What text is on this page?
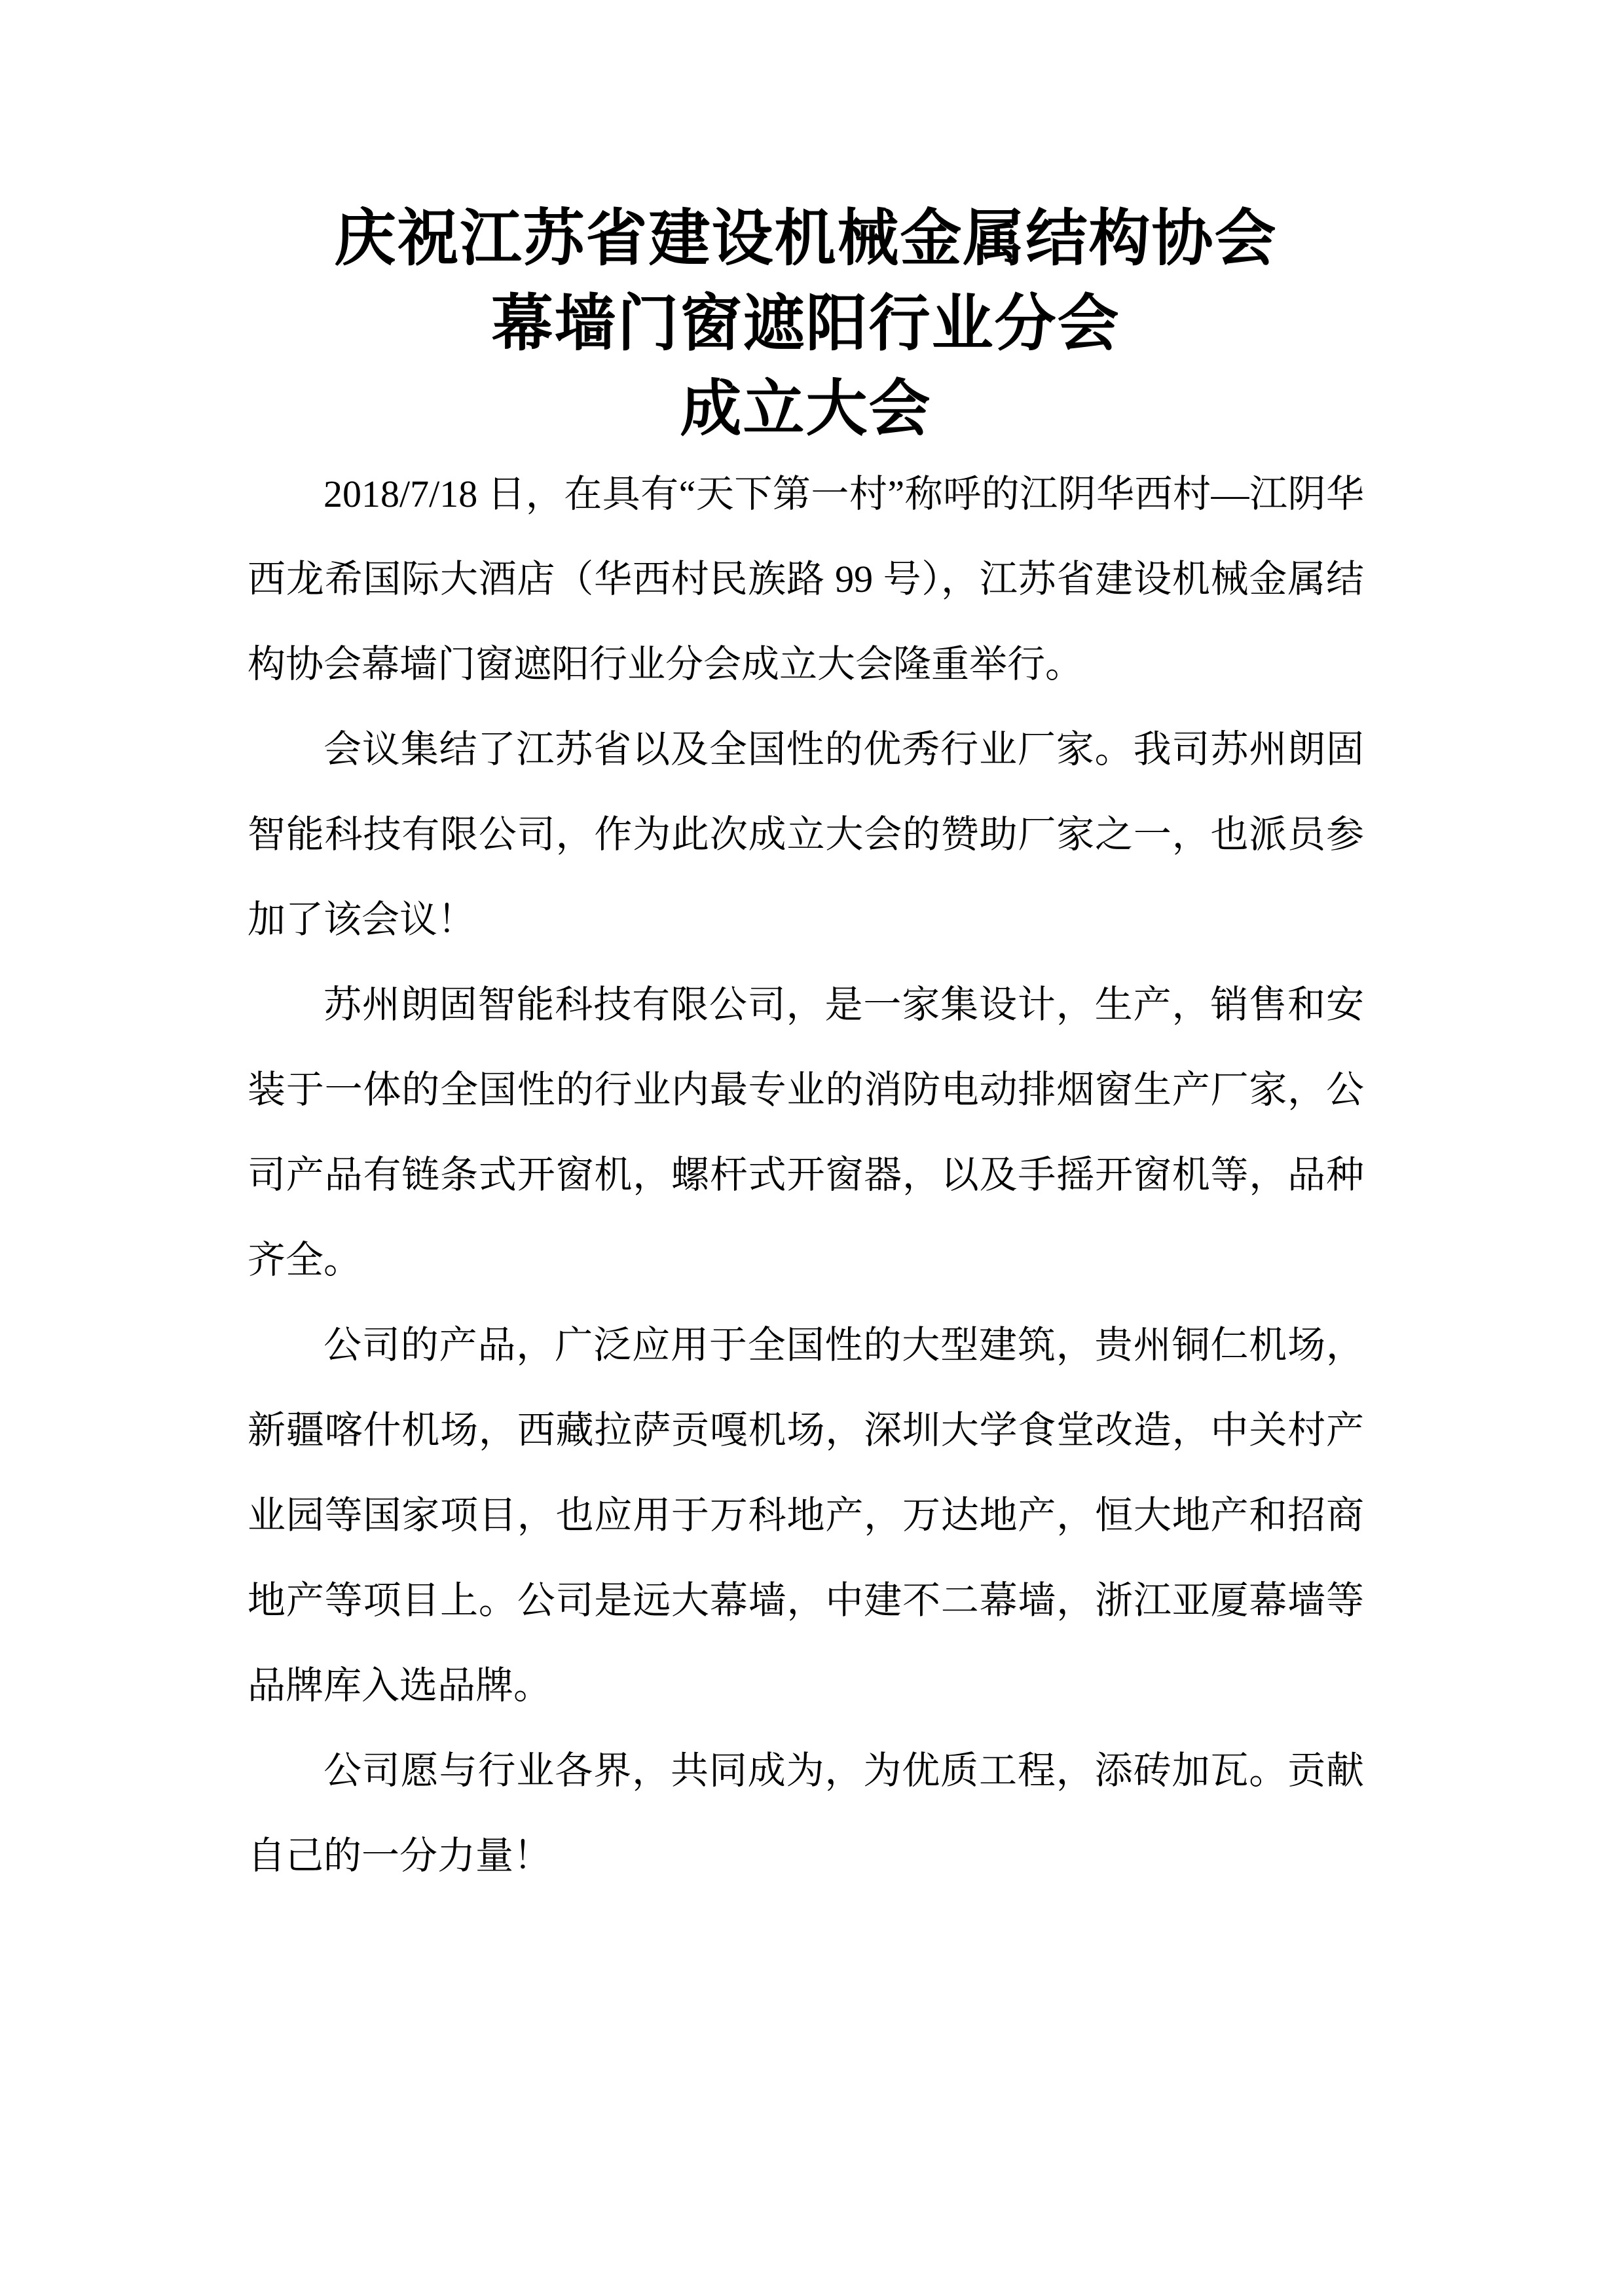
庆祝江苏省建设机械金属结构协会
幕墙门窗遮阳行业分会
成立大会

2018/7/18 日，在具有“天下第一村”称呼的江阴华西村—江阴华西龙希国际大酒店（华西村民族路 99 号），江苏省建设机械金属结构协会幕墙门窗遮阳行业分会成立大会隆重举行。

会议集结了江苏省以及全国性的优秀行业厂家。我司苏州朗固智能科技有限公司，作为此次成立大会的赞助厂家之一，也派员参加了该会议！

苏州朗固智能科技有限公司，是一家集设计，生产，销售和安装于一体的全国性的行业内最专业的消防电动排烟窗生产厂家，公司产品有链条式开窗机，螺杆式开窗器，以及手摇开窗机等，品种齐全。

公司的产品，广泛应用于全国性的大型建筑，贵州铜仁机场，新疆喀什机场，西藏拉萨贡嘎机场，深圳大学食堂改造，中关村产业园等国家项目，也应用于万科地产，万达地产，恒大地产和招商地产等项目上。公司是远大幕墙，中建不二幕墙，浙江亚厦幕墙等品牌库入选品牌。

公司愿与行业各界，共同成为，为优质工程，添砖加瓦。贡献自己的一分力量！
